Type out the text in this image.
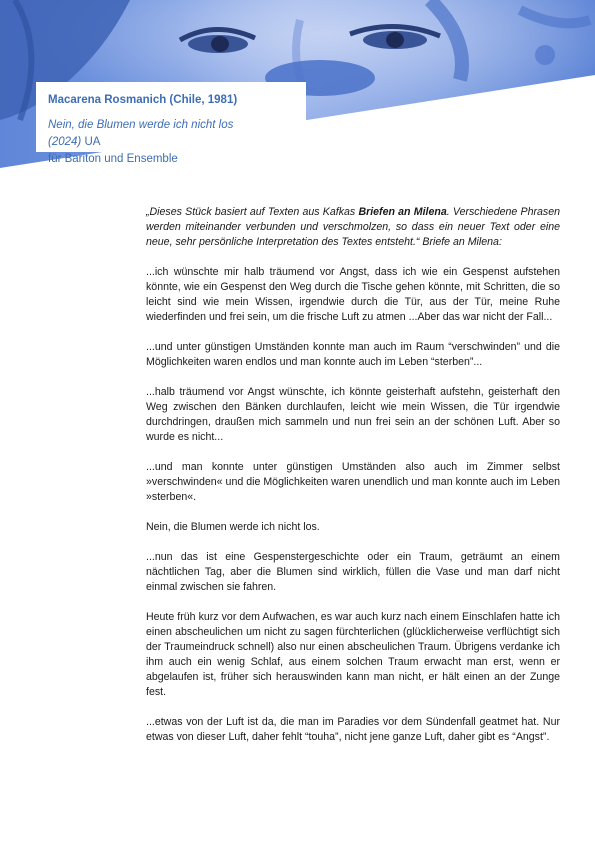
Macarena Rosmanich (Chile, 1981)
Nein, die Blumen werde ich nicht los
(2024) UA
für Bariton und Ensemble

„Dieses Stück basiert auf Texten aus Kafkas Briefen an Milena. Verschiedene Phrasen werden miteinander verbunden und verschmolzen, so dass ein neuer Text oder eine neue, sehr persönliche Interpretation des Textes entsteht.“ Briefe an Milena:

...ich wünschte mir halb träumend vor Angst, dass ich wie ein Gespenst aufstehen könnte, wie ein Gespenst den Weg durch die Tische gehen könnte, mit Schritten, die so leicht sind wie mein Wissen, irgendwie durch die Tür, aus der Tür, meine Ruhe wiederfinden und frei sein, um die frische Luft zu atmen ...Aber das war nicht der Fall...

...und unter günstigen Umständen konnte man auch im Raum “verschwinden” und die Möglichkeiten waren endlos und man konnte auch im Leben “sterben”...

...halb träumend vor Angst wünschte, ich könnte geisterhaft aufstehn, geisterhaft den Weg zwischen den Bänken durchlaufen, leicht wie mein Wissen, die Tür irgendwie durchdringen, draußen mich sammeln und nun frei sein an der schönen Luft. Aber so wurde es nicht...

...und man konnte unter günstigen Umständen also auch im Zimmer selbst »verschwinden« und die Möglichkeiten waren unendlich und man konnte auch im Leben »sterben«.

Nein, die Blumen werde ich nicht los.

...nun das ist eine Gespenstergeschichte oder ein Traum, geträumt an einem nächtlichen Tag, aber die Blumen sind wirklich, füllen die Vase und man darf nicht einmal zwischen sie fahren.

Heute früh kurz vor dem Aufwachen, es war auch kurz nach einem Einschlafen hatte ich einen abscheulichen um nicht zu sagen fürchterlichen (glücklicherweise verflüchtigt sich der Traumeindruck schnell) also nur einen abscheulichen Traum. Übrigens verdanke ich ihm auch ein wenig Schlaf, aus einem solchen Traum erwacht man erst, wenn er abgelaufen ist, früher sich herauswinden kann man nicht, er hält einen an der Zunge fest.

...etwas von der Luft ist da, die man im Paradies vor dem Sündenfall geatmet hat. Nur etwas von dieser Luft, daher fehlt “touha”, nicht jene ganze Luft, daher gibt es “Angst”.
